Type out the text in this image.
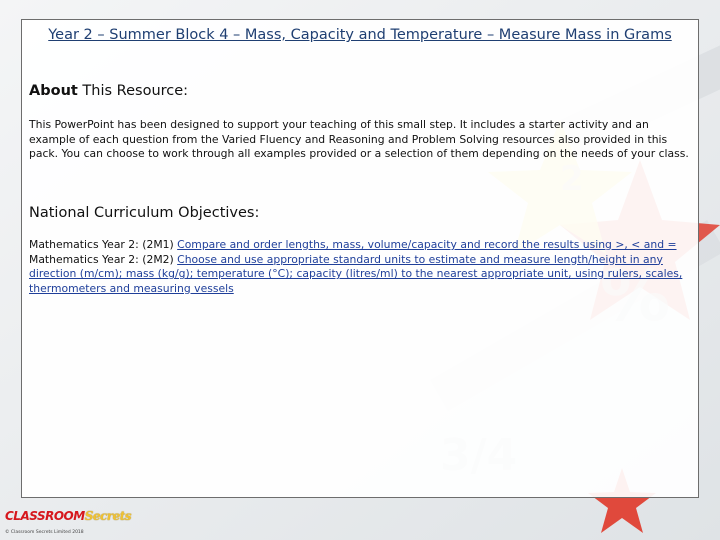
Year 2 – Summer Block 4 – Mass, Capacity and Temperature – Measure Mass in Grams
About This Resource:
This PowerPoint has been designed to support your teaching of this small step. It includes a starter activity and an example of each question from the Varied Fluency and Reasoning and Problem Solving resources also provided in this pack. You can choose to work through all examples provided or a selection of them depending on the needs of your class.
National Curriculum Objectives:
Mathematics Year 2: (2M1) Compare and order lengths, mass, volume/capacity and record the results using >, < and =
Mathematics Year 2: (2M2) Choose and use appropriate standard units to estimate and measure length/height in any direction (m/cm); mass (kg/g); temperature (°C); capacity (litres/ml) to the nearest appropriate unit, using rulers, scales, thermometers and measuring vessels
CLASSROOMSecrets
© Classroom Secrets Limited 2018
